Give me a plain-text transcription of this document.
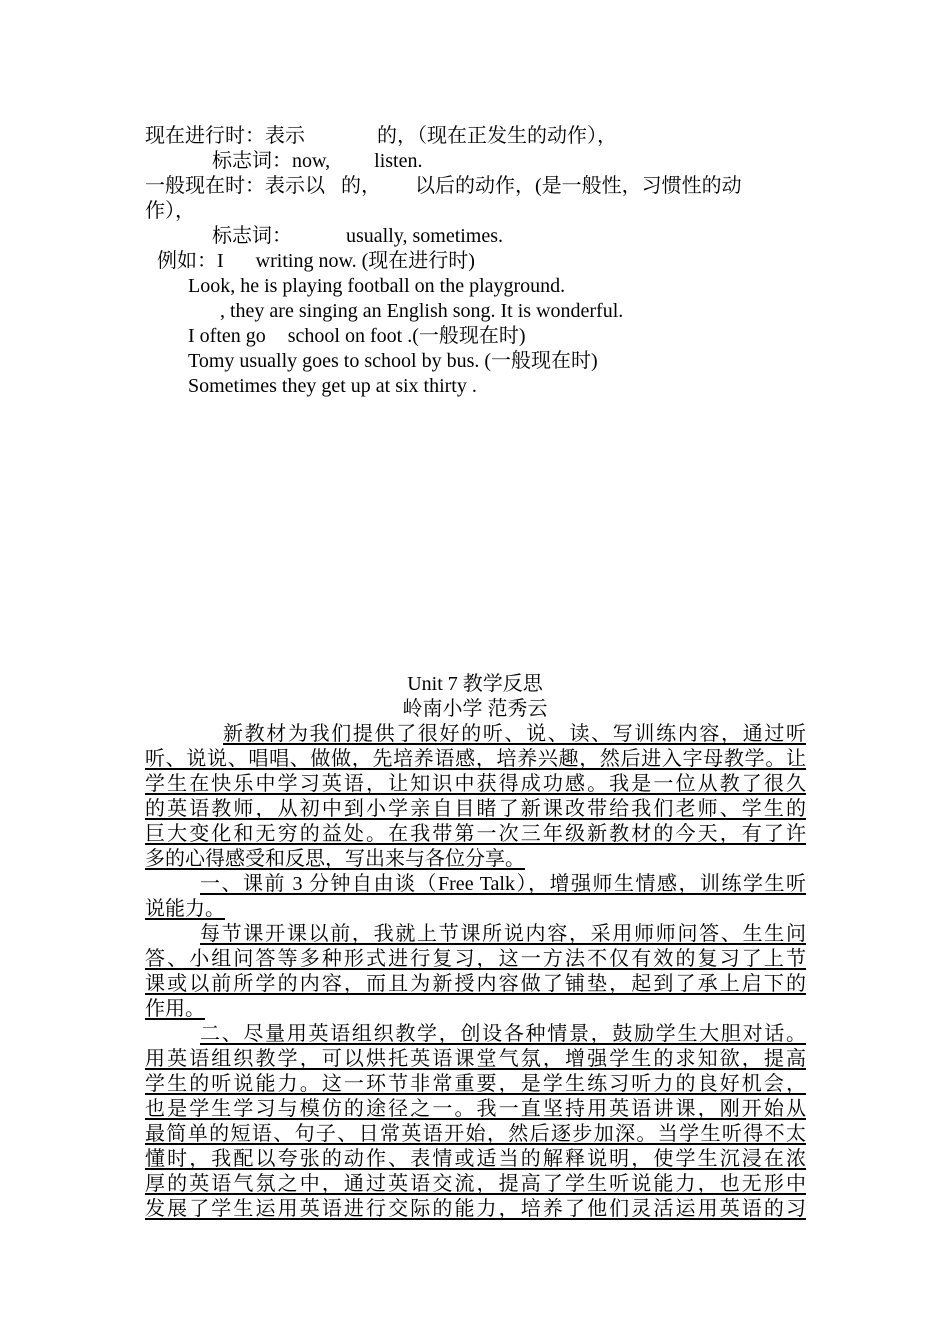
现在进行时：表示	的，（现在正发生的动作），
标志词：now, listen.
一般现在时：表示以 的， 以后的动作，(是一般性，习惯性的动
作），
标志词：	usually, sometimes.
例如：I writing now. (现在进行时)
Look, he is playing football on the playground.
, they are singing an English song. It is wonderful.
I often go school on foot .(一般现在时)
Tomy usually goes to school by bus. (一般现在时)
Sometimes they get up at six thirty .
Unit 7 教学反思
岭南小学 范秀云
新教材为我们提供了很好的听、说、读、写训练内容，通过听
听、说说、唱唱、做做，先培养语感，培养兴趣，然后进入字母教学。让
学生在快乐中学习英语，让知识中获得成功感。我是一位从教了很久
的英语教师，从初中到小学亲自目睹了新课改带给我们老师、学生的
巨大变化和无穷的益处。在我带第一次三年级新教材的今天，有了许
多的心得感受和反思，写出来与各位分享。
一、课前 3 分钟自由谈（Free Talk），增强师生情感，训练学生听
说能力。
每节课开课以前，我就上节课所说内容，采用师师问答、生生问
答、小组问答等多种形式进行复习，这一方法不仅有效的复习了上节
课或以前所学的内容，而且为新授内容做了铺垫，起到了承上启下的
作用。
二、尽量用英语组织教学，创设各种情景，鼓励学生大胆对话。
用英语组织教学，可以烘托英语课堂气氛，增强学生的求知欲，提高
学生的听说能力。这一环节非常重要，是学生练习听力的良好机会，
也是学生学习与模仿的途径之一。我一直坚持用英语讲课，刚开始从
最简单的短语、句子、日常英语开始，然后逐步加深。当学生听得不太
懂时，我配以夸张的动作、表情或适当的解释说明，使学生沉浸在浓
厚的英语气氛之中，通过英语交流，提高了学生听说能力，也无形中
发展了学生运用英语进行交际的能力，培养了他们灵活运用英语的习
